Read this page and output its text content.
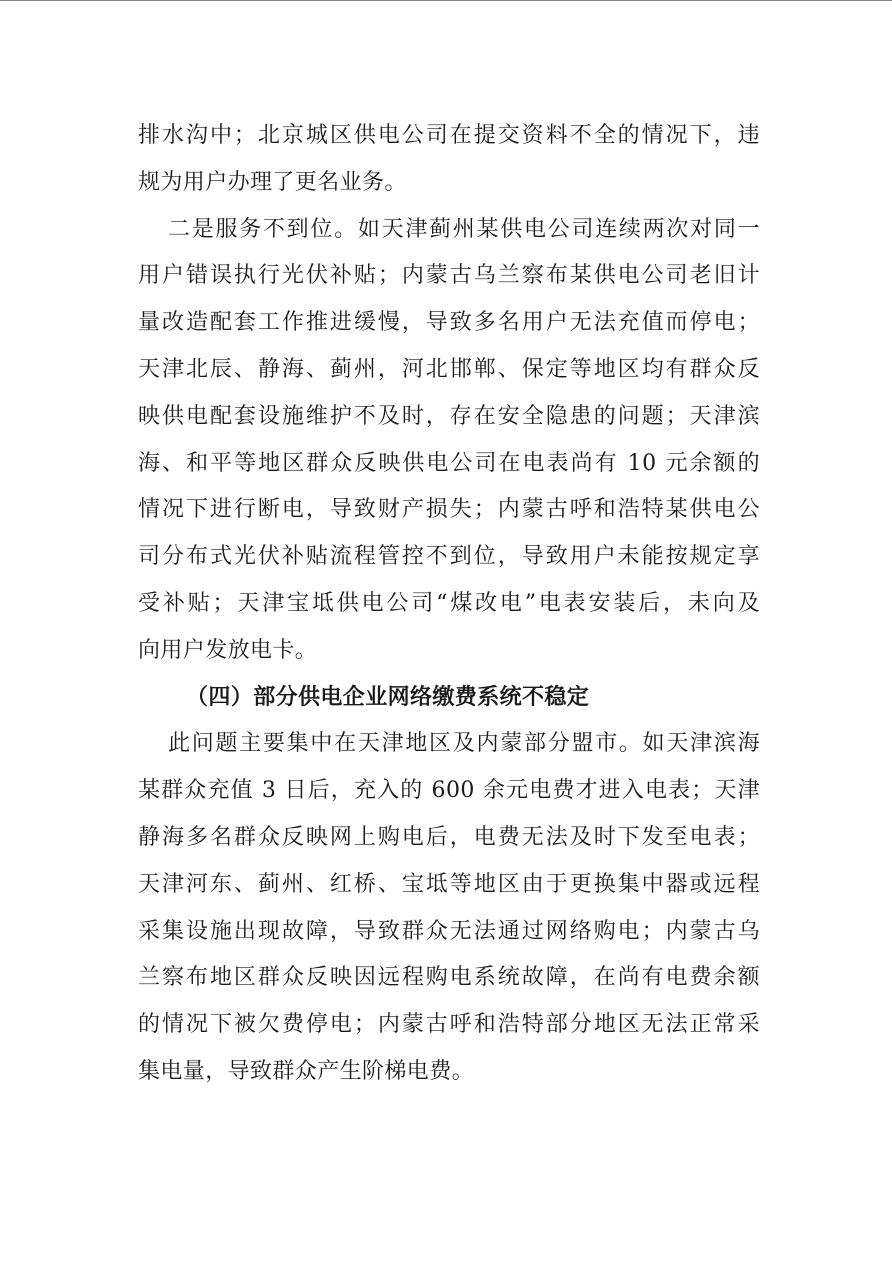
排水沟中；北京城区供电公司在提交资料不全的情况下，违
规为用户办理了更名业务。
二是服务不到位。如天津蓟州某供电公司连续两次对同一
用户错误执行光伏补贴；内蒙古乌兰察布某供电公司老旧计
量改造配套工作推进缓慢，导致多名用户无法充值而停电；
天津北辰、静海、蓟州，河北邯郸、保定等地区均有群众反
映供电配套设施维护不及时，存在安全隐患的问题；天津滨
海、和平等地区群众反映供电公司在电表尚有 10 元余额的
情况下进行断电，导致财产损失；内蒙古呼和浩特某供电公
司分布式光伏补贴流程管控不到位，导致用户未能按规定享
受补贴；天津宝坻供电公司“煤改电”电表安装后，未向及
向用户发放电卡。
（四）部分供电企业网络缴费系统不稳定
此问题主要集中在天津地区及内蒙部分盟市。如天津滨海
某群众充值 3 日后，充入的 600 余元电费才进入电表；天津
静海多名群众反映网上购电后，电费无法及时下发至电表；
天津河东、蓟州、红桥、宝坻等地区由于更换集中器或远程
采集设施出现故障，导致群众无法通过网络购电；内蒙古乌
兰察布地区群众反映因远程购电系统故障，在尚有电费余额
的情况下被欠费停电；内蒙古呼和浩特部分地区无法正常采
集电量，导致群众产生阶梯电费。
